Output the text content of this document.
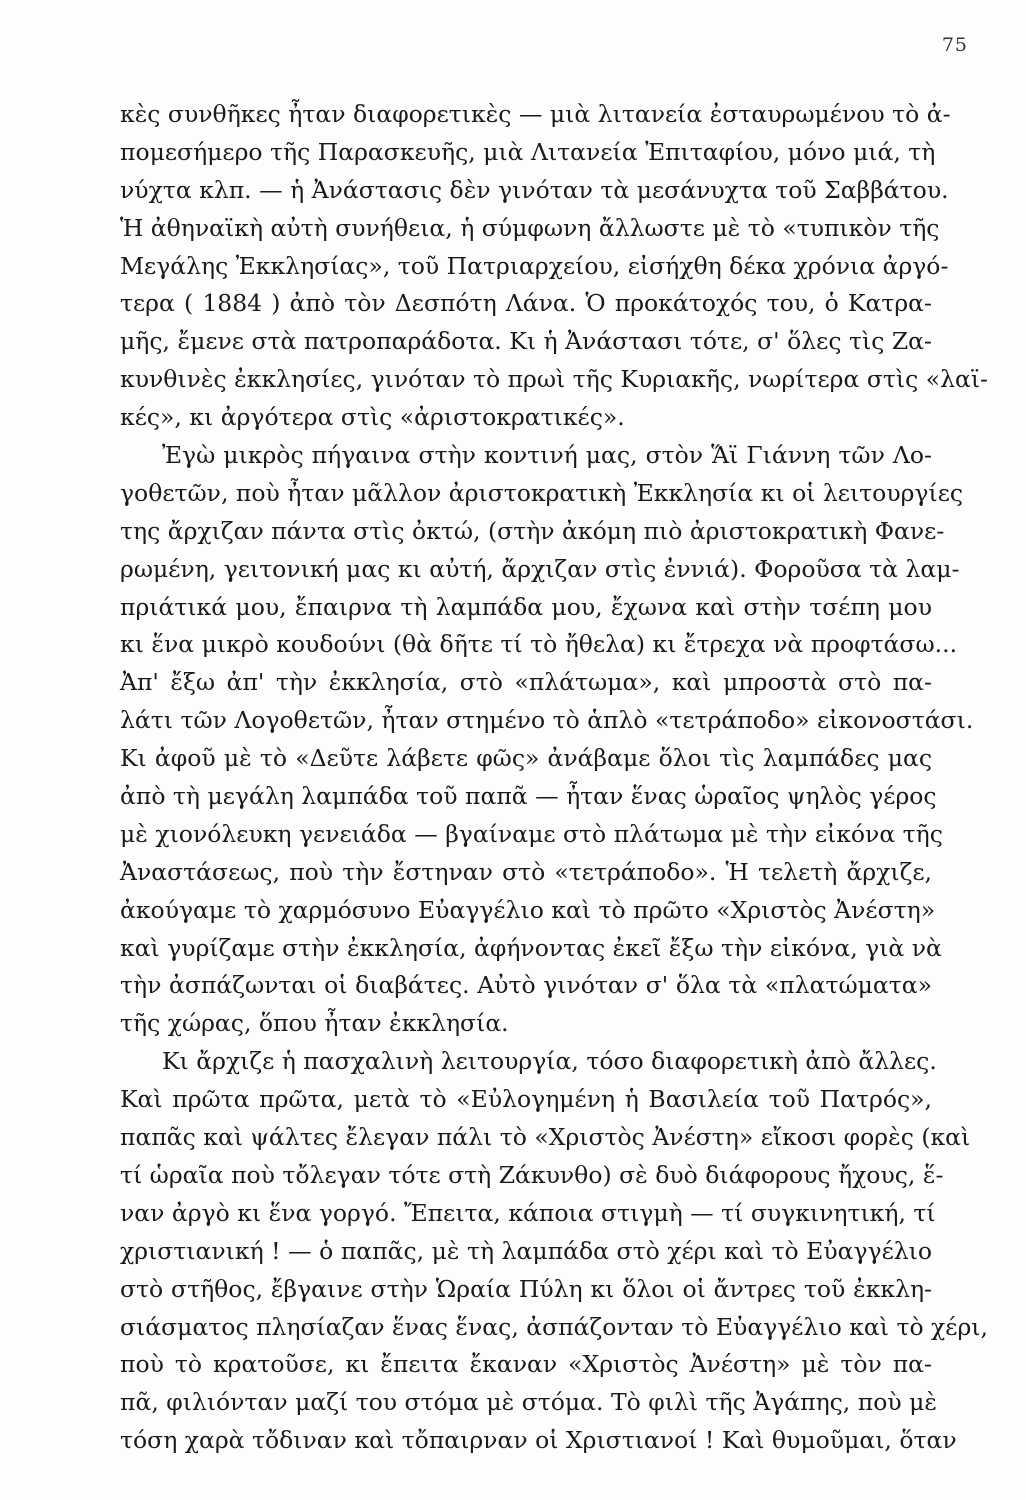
75
κὲς συνθῆκες ἦταν διαφορετικὲς — μιὰ λιτανεία ἐσταυρωμένου τὸ ἀ-
πομεσήμερο τῆς Παρασκευῆς, μιὰ Λιτανεία Ἐπιταφίου, μόνο μιά, τὴ
νύχτα κλπ. — ἡ Ἀνάστασις δὲν γινόταν τὰ μεσάνυχτα τοῦ Σαββάτου.
Ἡ ἀθηναϊκὴ αὐτὴ συνήθεια, ἡ σύμφωνη ἄλλωστε μὲ τὸ «τυπικὸν τῆς
Μεγάλης Ἐκκλησίας», τοῦ Πατριαρχείου, εἰσήχθη δέκα χρόνια ἀργό-
τερα ( 1884 ) ἀπὸ τὸν Δεσπότη Λάνα. Ὁ προκάτοχός του, ὁ Κατρα-
μῆς, ἔμενε στὰ πατροπαράδοτα. Κι ἡ Ἀνάστασι τότε, σ' ὅλες τὶς Ζα-
κυνθινὲς ἐκκλησίες, γινόταν τὸ πρωὶ τῆς Κυριακῆς, νωρίτερα στὶς «λαϊ-
κές», κι ἀργότερα στὶς «ἀριστοκρατικές».
Ἐγὼ μικρὸς πήγαινα στὴν κοντινή μας, στὸν Ἅϊ Γιάννη τῶν Λο-
γοθετῶν, ποὺ ἦταν μᾶλλον ἀριστοκρατικὴ Ἐκκλησία κι οἱ λειτουργίες
της ἄρχιζαν πάντα στὶς ὀκτώ, (στὴν ἀκόμη πιὸ ἀριστοκρατικὴ Φανε-
ρωμένη, γειτονική μας κι αὐτή, ἄρχιζαν στὶς ἐννιά). Φοροῦσα τὰ λαμ-
πριάτικά μου, ἔπαιρνα τὴ λαμπάδα μου, ἔχωνα καὶ στὴν τσέπη μου
κι ἕνα μικρὸ κουδούνι (θὰ δῆτε τί τὸ ἤθελα) κι ἔτρεχα νὰ προφτάσω...
Ἀπ' ἔξω ἀπ' τὴν ἐκκλησία, στὸ «πλάτωμα», καὶ μπροστὰ στὸ πα-
λάτι τῶν Λογοθετῶν, ἦταν στημένο τὸ ἁπλὸ «τετράποδο» εἰκονοστάσι.
Κι ἀφοῦ μὲ τὸ «Δεῦτε λάβετε φῶς» ἀνάβαμε ὅλοι τὶς λαμπάδες μας
ἀπὸ τὴ μεγάλη λαμπάδα τοῦ παπᾶ — ἦταν ἕνας ὡραῖος ψηλὸς γέρος
μὲ χιονόλευκη γενειάδα — βγαίναμε στὸ πλάτωμα μὲ τὴν εἰκόνα τῆς
Ἀναστάσεως, ποὺ τὴν ἔστηναν στὸ «τετράποδο». Ἡ τελετὴ ἄρχιζε,
ἀκούγαμε τὸ χαρμόσυνο Εὐαγγέλιο καὶ τὸ πρῶτο «Χριστὸς Ἀνέστη»
καὶ γυρίζαμε στὴν ἐκκλησία, ἀφήνοντας ἐκεῖ ἔξω τὴν εἰκόνα, γιὰ νὰ
τὴν ἀσπάζωνται οἱ διαβάτες. Αὐτὸ γινόταν σ' ὅλα τὰ «πλατώματα»
τῆς χώρας, ὅπου ἦταν ἐκκλησία.
Κι ἄρχιζε ἡ πασχαλινὴ λειτουργία, τόσο διαφορετικὴ ἀπὸ ἄλλες.
Καὶ πρῶτα πρῶτα, μετὰ τὸ «Εὐλογημένη ἡ Βασιλεία τοῦ Πατρός»,
παπᾶς καὶ ψάλτες ἔλεγαν πάλι τὸ «Χριστὸς Ἀνέστη» εἴκοσι φορὲς (καὶ
τί ὡραῖα ποὺ τὄλεγαν τότε στὴ Ζάκυνθο) σὲ δυὸ διάφορους ἤχους, ἕ-
ναν ἀργὸ κι ἕνα γοργό. Ἔπειτα, κάποια στιγμὴ — τί συγκινητική, τί
χριστιανική ! — ὁ παπᾶς, μὲ τὴ λαμπάδα στὸ χέρι καὶ τὸ Εὐαγγέλιο
στὸ στῆθος, ἔβγαινε στὴν Ὡραία Πύλη κι ὅλοι οἱ ἄντρες τοῦ ἐκκλη-
σιάσματος πλησίαζαν ἕνας ἕνας, ἀσπάζονταν τὸ Εὐαγγέλιο καὶ τὸ χέρι,
ποὺ τὸ κρατοῦσε, κι ἔπειτα ἔκαναν «Χριστὸς Ἀνέστη» μὲ τὸν πα-
πᾶ, φιλιόνταν μαζί του στόμα μὲ στόμα. Τὸ φιλὶ τῆς Ἀγάπης, ποὺ μὲ
τόση χαρὰ τὄδιναν καὶ τὄπαιρναν οἱ Χριστιανοί ! Καὶ θυμοῦμαι, ὅταν
